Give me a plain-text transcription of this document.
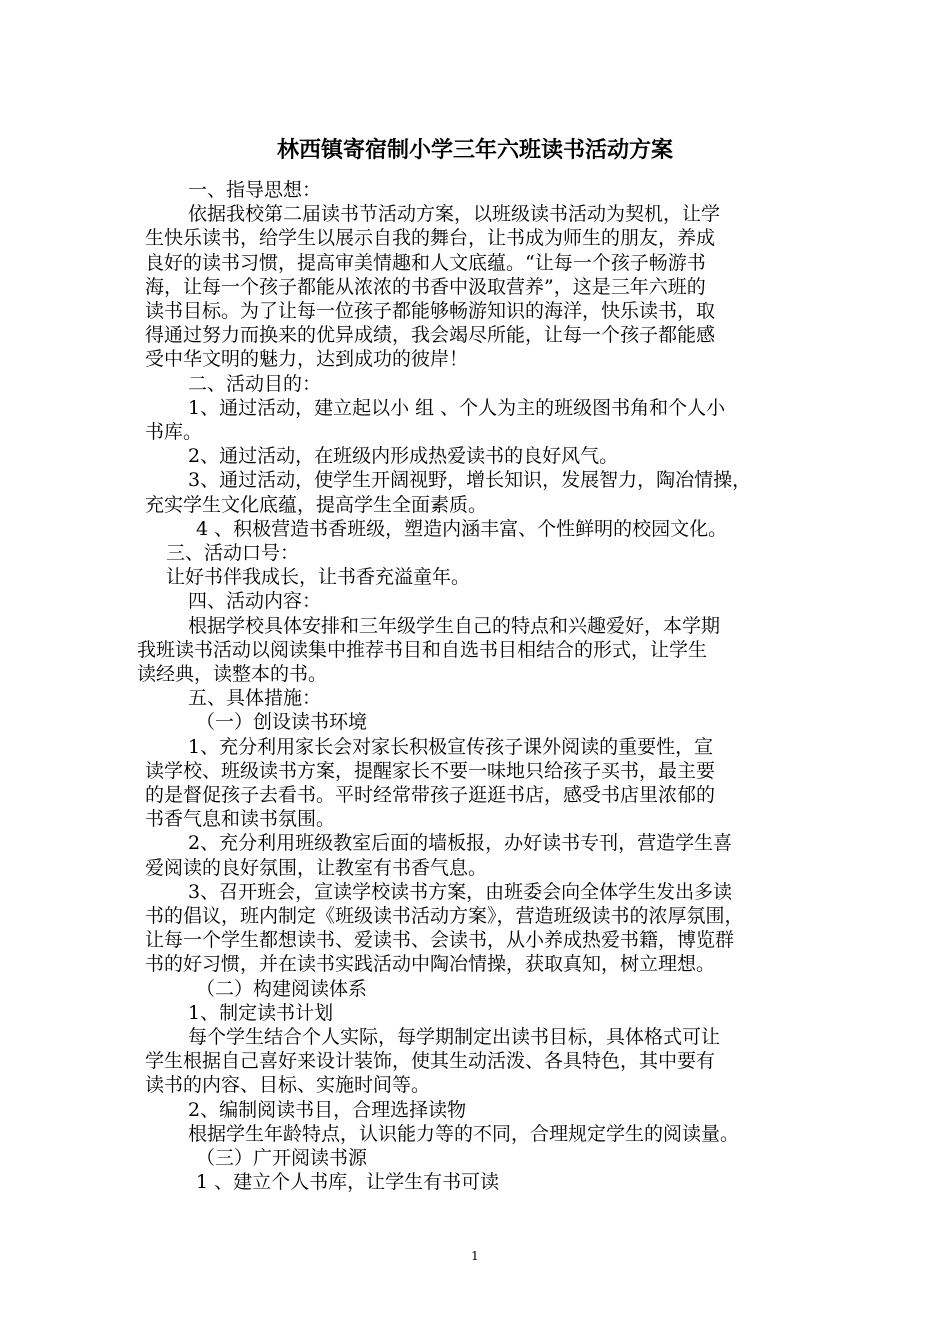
林西镇寄宿制小学三年六班读书活动方案
一、指导思想：
依据我校第二届读书节活动方案，以班级读书活动为契机，让学
生快乐读书，给学生以展示自我的舞台，让书成为师生的朋友，养成
良好的读书习惯，提高审美情趣和人文底蕴。“让每一个孩子畅游书
海，让每一个孩子都能从浓浓的书香中汲取营养”，这是三年六班的
读书目标。为了让每一位孩子都能够畅游知识的海洋，快乐读书，取
得通过努力而换来的优异成绩，我会竭尽所能，让每一个孩子都能感
受中华文明的魅力，达到成功的彼岸！
二、活动目的：
1、通过活动，建立起以小 组 、个人为主的班级图书角和个人小
书库。
2、通过活动，在班级内形成热爱读书的良好风气。
3、通过活动，使学生开阔视野，增长知识，发展智力，陶冶情操，
充实学生文化底蕴，提高学生全面素质。
4 、积极营造书香班级，塑造内涵丰富、个性鲜明的校园文化。
三、活动口号：
让好书伴我成长，让书香充溢童年。
四、活动内容：
根据学校具体安排和三年级学生自己的特点和兴趣爱好，本学期
我班读书活动以阅读集中推荐书目和自选书目相结合的形式，让学生
读经典，读整本的书。
五、具体措施：
（一）创设读书环境
1、充分利用家长会对家长积极宣传孩子课外阅读的重要性，宣
读学校、班级读书方案，提醒家长不要一味地只给孩子买书，最主要
的是督促孩子去看书。平时经常带孩子逛逛书店，感受书店里浓郁的
书香气息和读书氛围。
2、充分利用班级教室后面的墙板报，办好读书专刊，营造学生喜
爱阅读的良好氛围，让教室有书香气息。
3、召开班会，宣读学校读书方案，由班委会向全体学生发出多读
书的倡议，班内制定《班级读书活动方案》，营造班级读书的浓厚氛围，
让每一个学生都想读书、爱读书、会读书，从小养成热爱书籍，博览群
书的好习惯，并在读书实践活动中陶冶情操，获取真知，树立理想。
（二）构建阅读体系
1、制定读书计划
每个学生结合个人实际，每学期制定出读书目标，具体格式可让
学生根据自己喜好来设计装饰，使其生动活泼、各具特色，其中要有
读书的内容、目标、实施时间等。
2、编制阅读书目，合理选择读物
根据学生年龄特点，认识能力等的不同，合理规定学生的阅读量。
（三）广开阅读书源
1 、建立个人书库，让学生有书可读
1
